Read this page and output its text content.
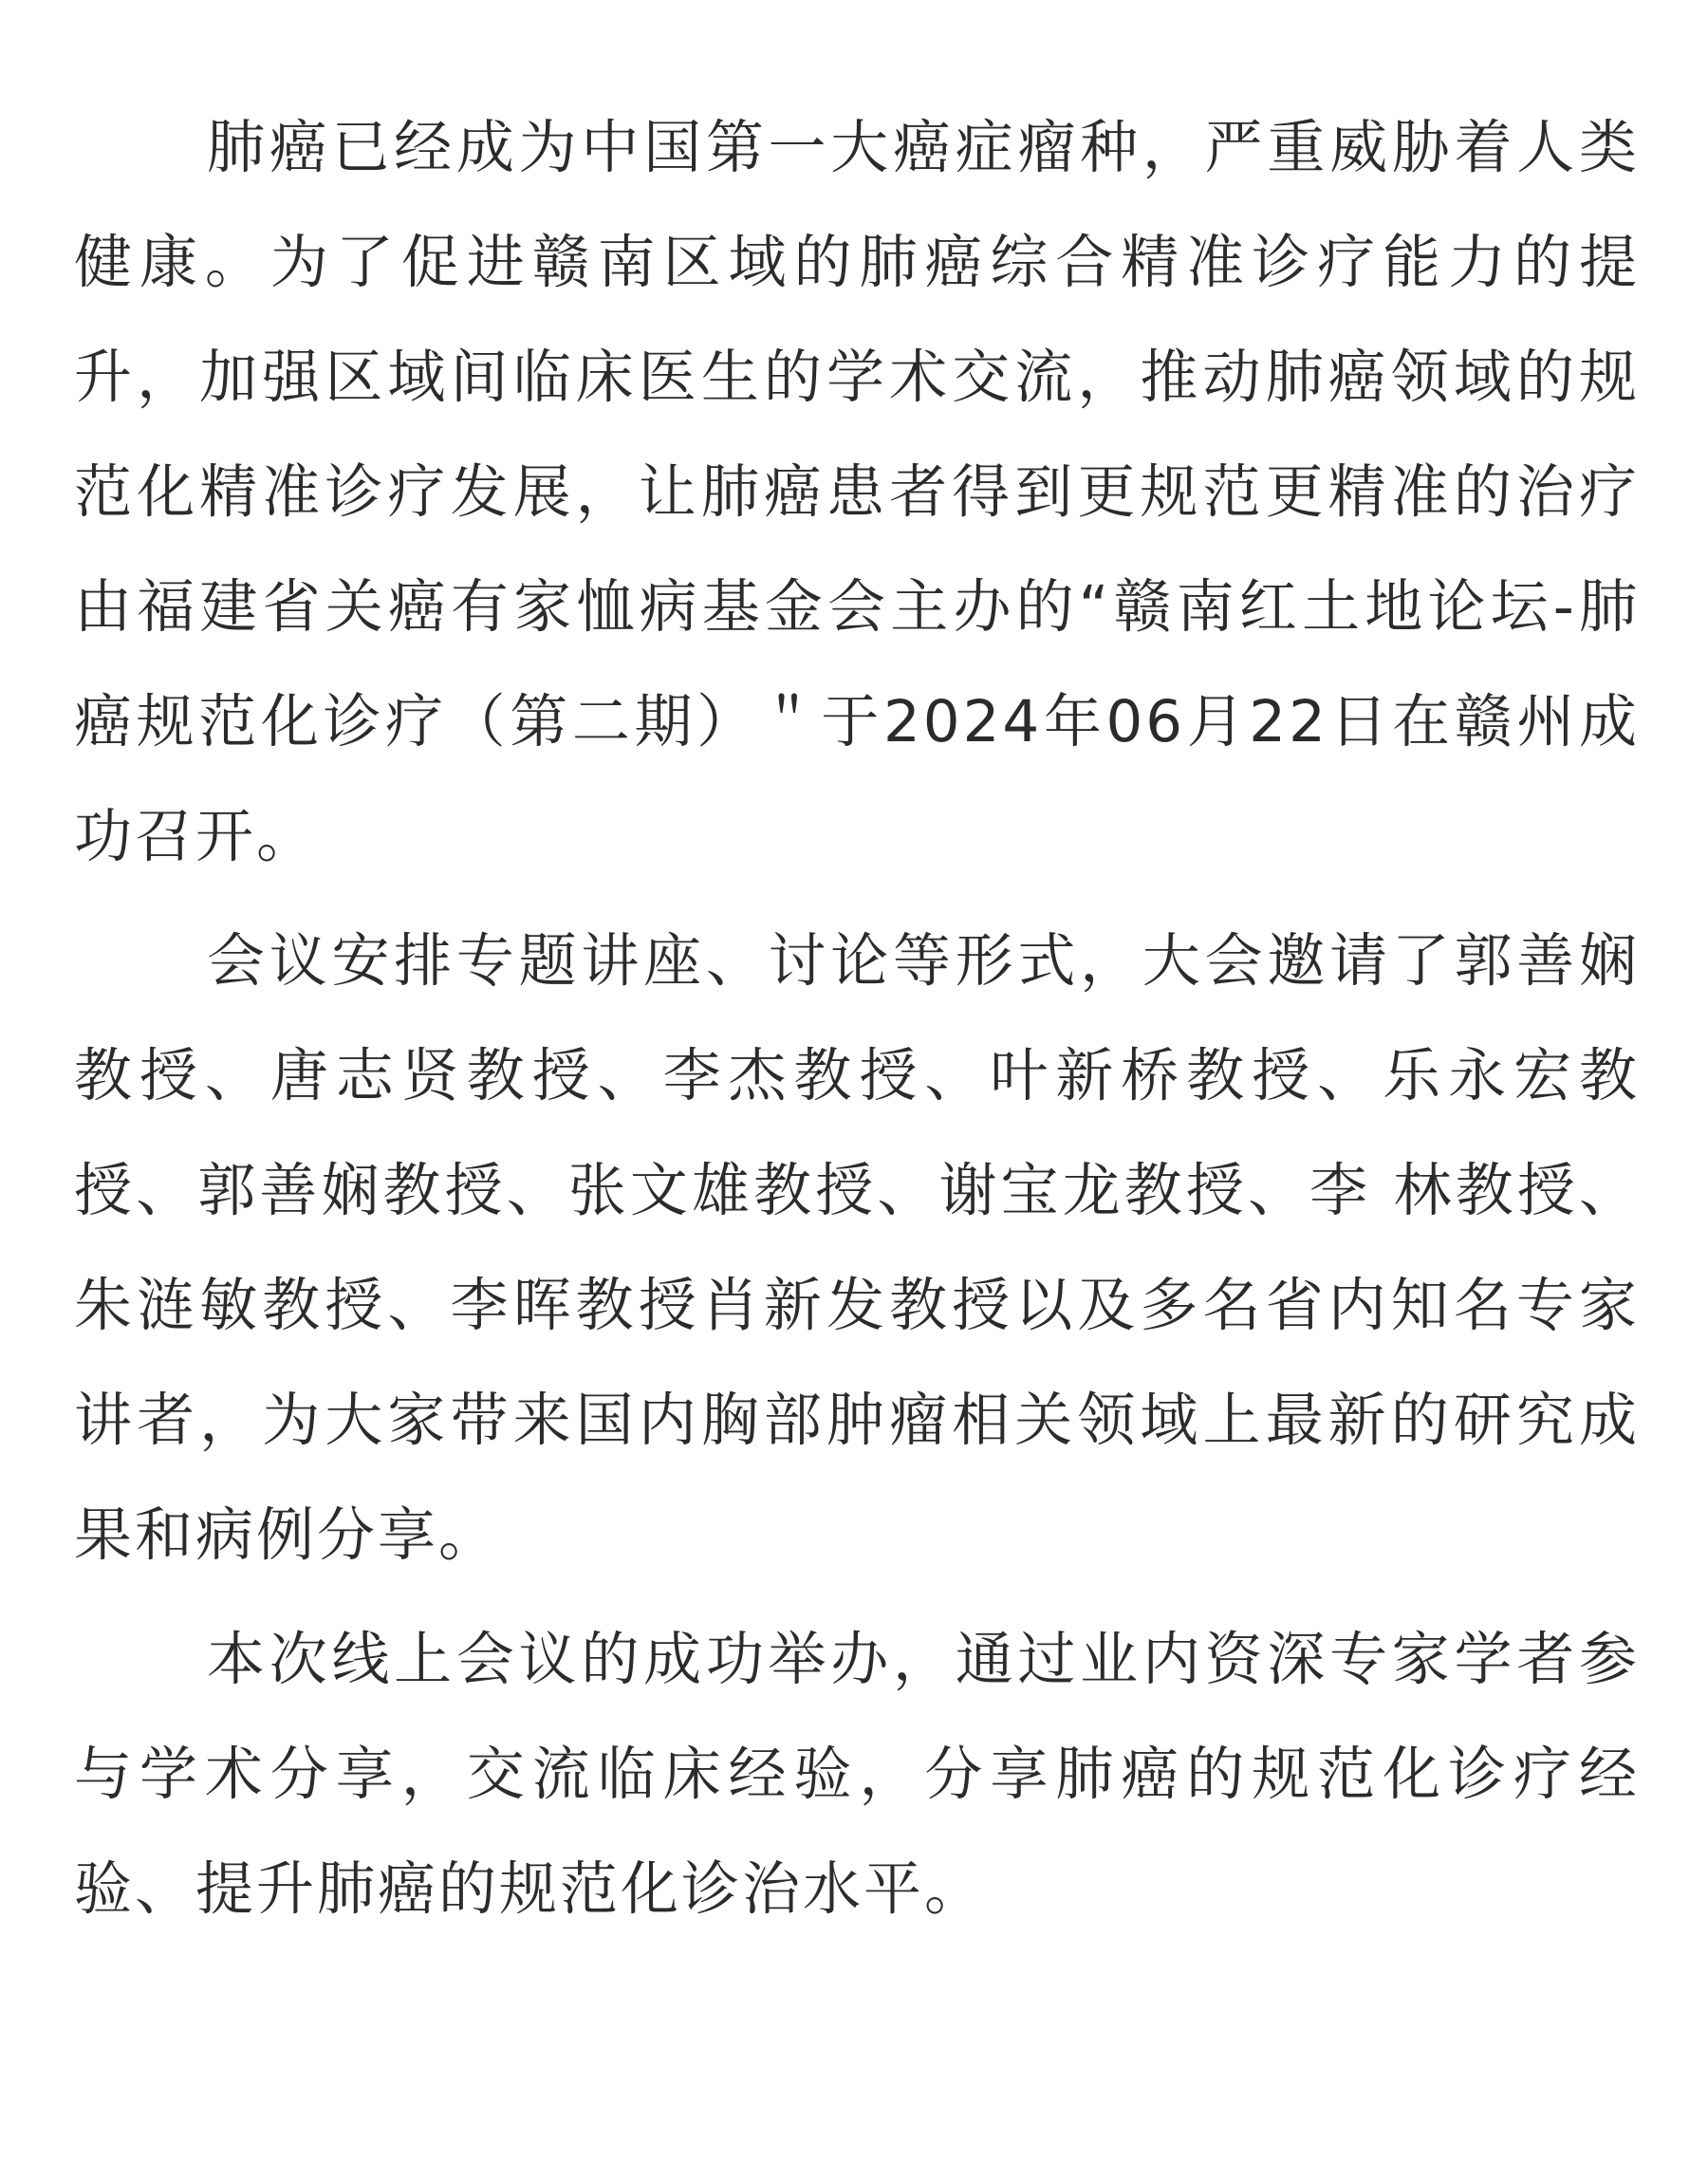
肺癌已经成为中国第一大癌症瘤种，严重威胁着人类健康。为了促进赣南区域的肺癌综合精准诊疗能力的提升，加强区域间临床医生的学术交流，推动肺癌领域的规范化精准诊疗发展，让肺癌患者得到更规范更精准的治疗由福建省关癌有家恤病基金会主办的“赣南红土地论坛-肺癌规范化诊疗（第二期）＂于2024年06月22日在赣州成功召开。

会议安排专题讲座、讨论等形式，大会邀请了郭善娴教授、唐志贤教授、李杰教授、叶新桥教授、乐永宏教授、郭善娴教授、张文雄教授、谢宝龙教授、李 林教授、朱涟敏教授、李晖教授肖新发教授以及多名省内知名专家讲者，为大家带来国内胸部肿瘤相关领域上最新的研究成果和病例分享。

本次线上会议的成功举办，通过业内资深专家学者参与学术分享，交流临床经验，分享肺癌的规范化诊疗经验、提升肺癌的规范化诊治水平。
